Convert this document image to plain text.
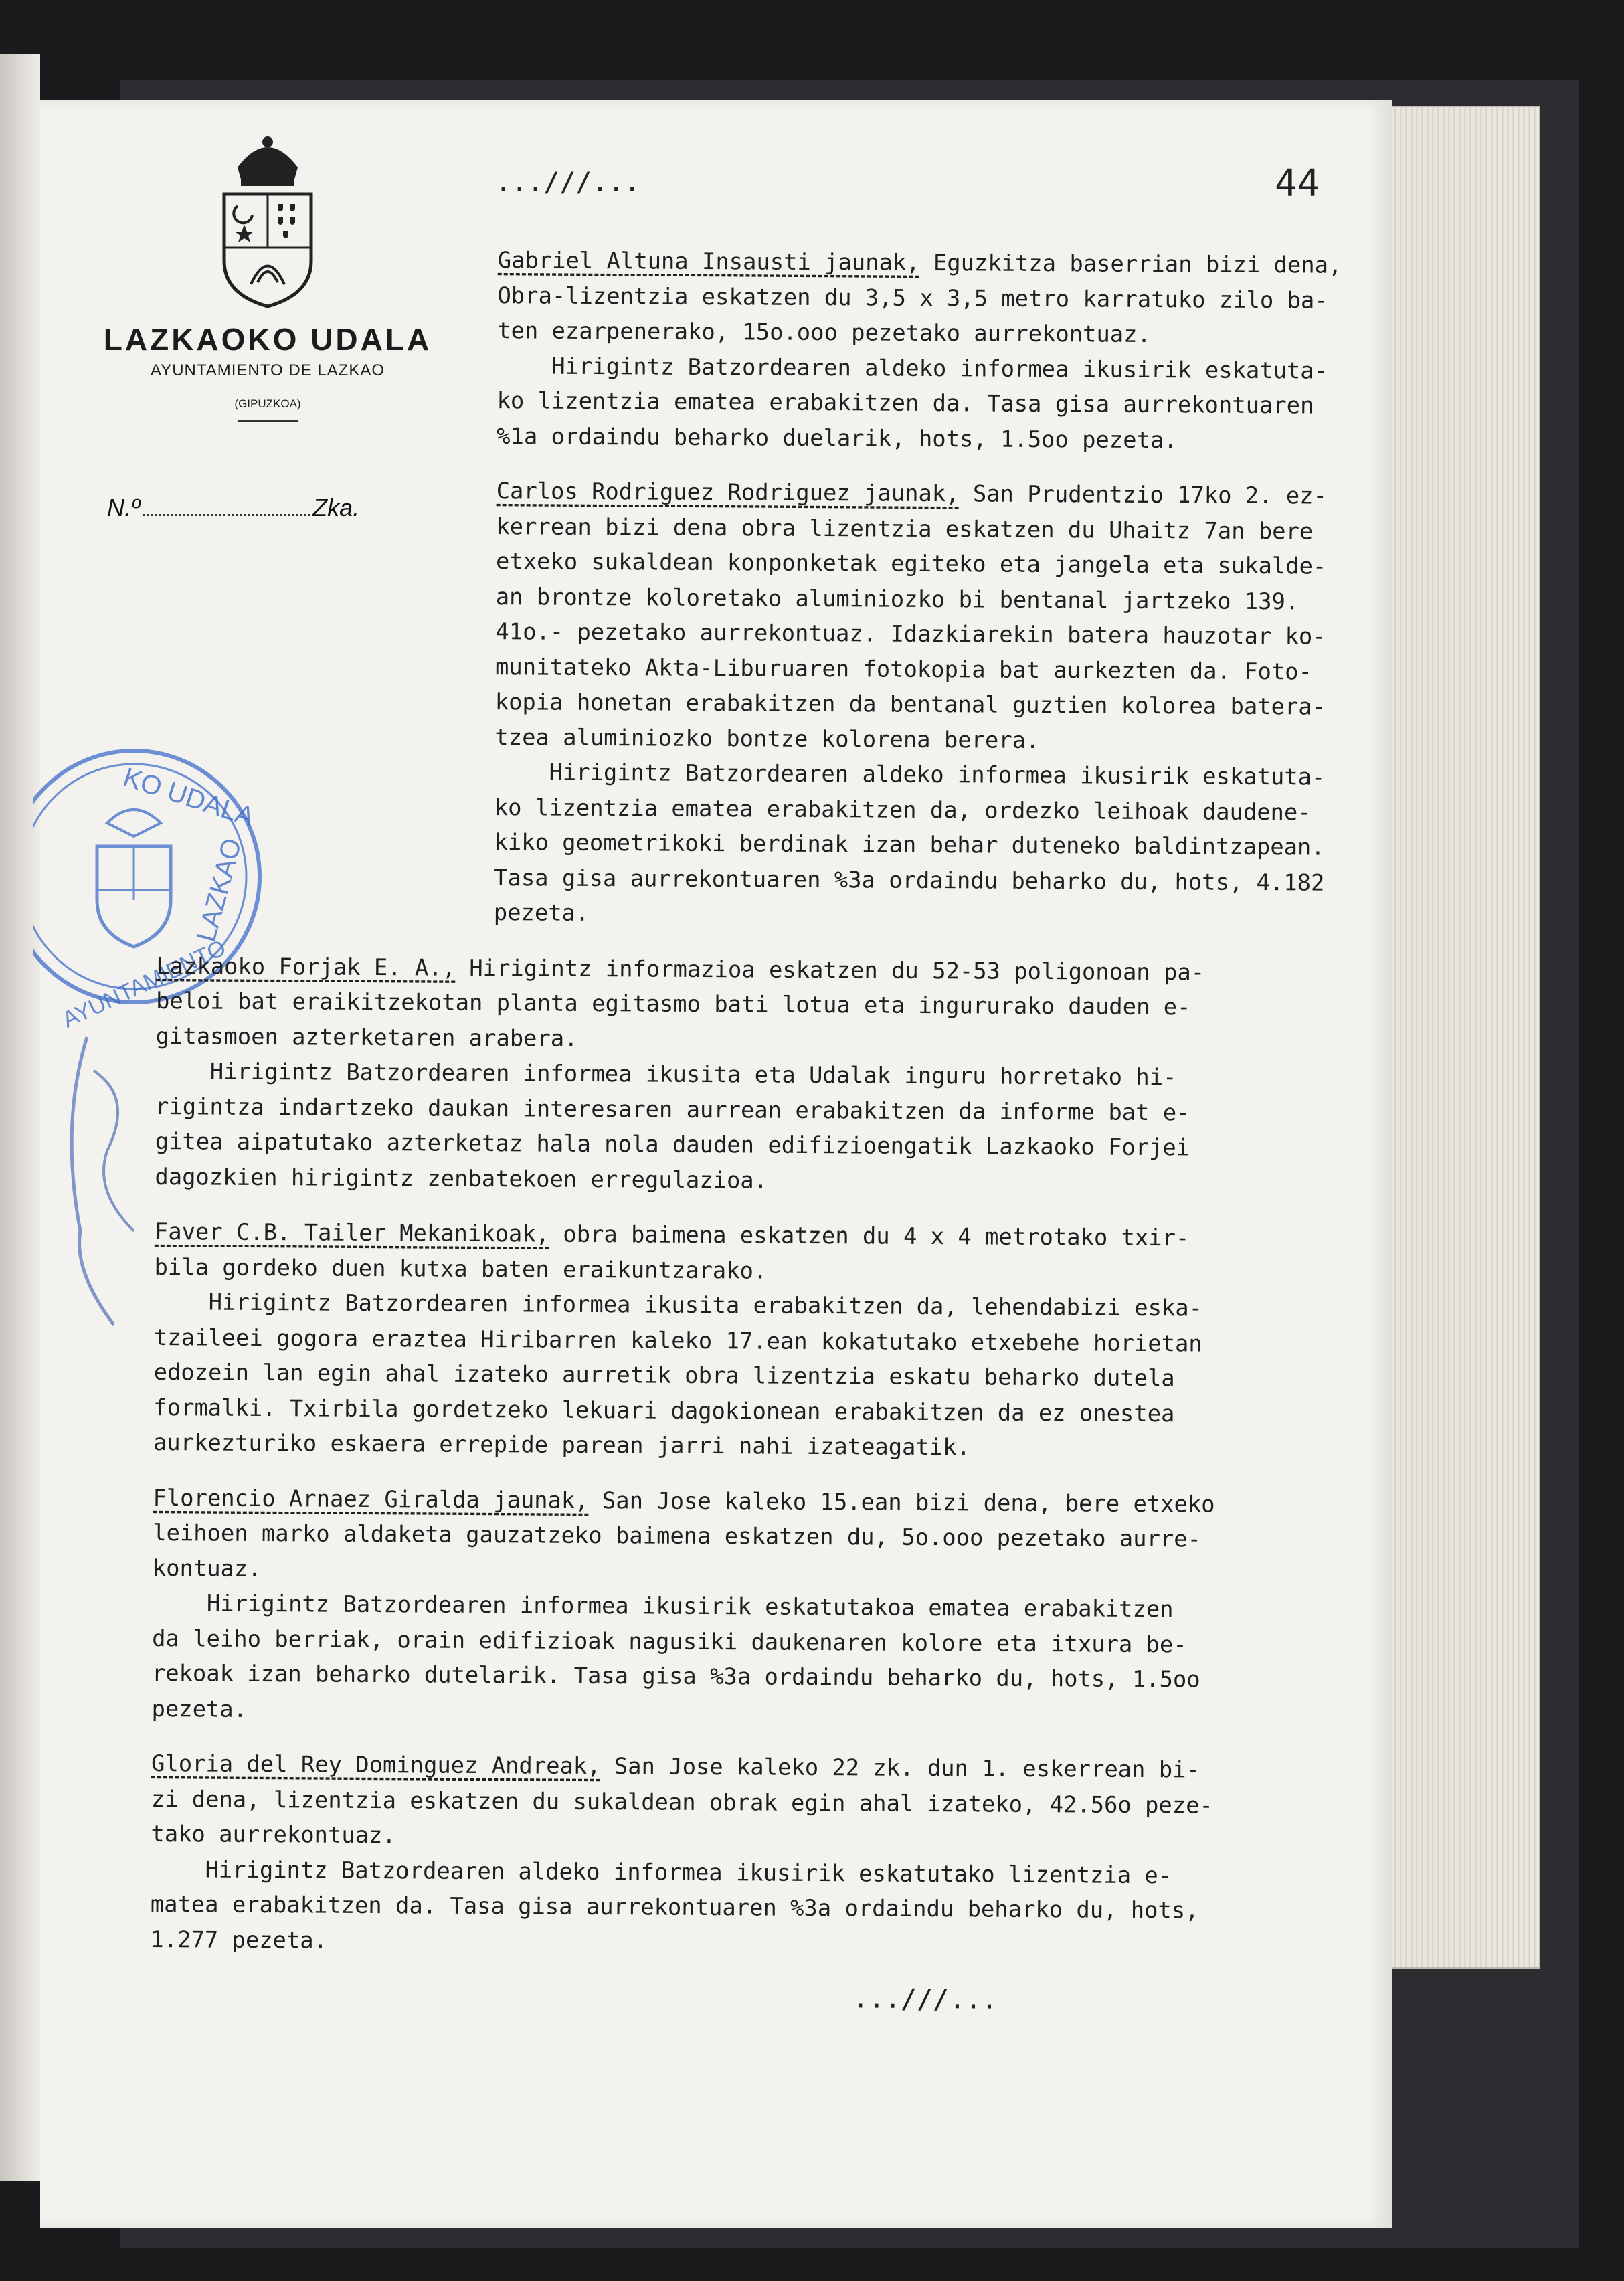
LAZKAOKO UDALA
AYUNTAMIENTO DE LAZKAO
(GIPUZKOA)
N.º	Zka.
KO UDALA
LAZKAO
AYUNTAMIENTO
...///...	44
Gabriel Altuna Insausti jaunak, Eguzkitza baserrian bizi dena,
Obra-lizentzia eskatzen du 3,5 x 3,5 metro karratuko zilo ba-
ten ezarpenerako, 15o.ooo pezetako aurrekontuaz.
Hirigintz Batzordearen aldeko informea ikusirik eskatuta-
ko lizentzia ematea erabakitzen da. Tasa gisa aurrekontuaren
%1a ordaindu beharko duelarik, hots, 1.5oo pezeta.
Carlos Rodriguez Rodriguez jaunak, San Prudentzio 17ko 2. ez-
kerrean bizi dena obra lizentzia eskatzen du Uhaitz 7an bere
etxeko sukaldean konponketak egiteko eta jangela eta sukalde-
an brontze koloretako aluminiozko bi bentanal jartzeko 139.
41o.- pezetako aurrekontuaz. Idazkiarekin batera hauzotar ko-
munitateko Akta-Liburuaren fotokopia bat aurkezten da. Foto-
kopia honetan erabakitzen da bentanal guztien kolorea batera-
tzea aluminiozko bontze kolorena berera.
Hirigintz Batzordearen aldeko informea ikusirik eskatuta-
ko lizentzia ematea erabakitzen da, ordezko leihoak daudene-
kiko geometrikoki berdinak izan behar duteneko baldintzapean.
Tasa gisa aurrekontuaren %3a ordaindu beharko du, hots, 4.182
pezeta.
Lazkaoko Forjak E. A., Hirigintz informazioa eskatzen du 52-53 poligonoan pa-
beloi bat eraikitzekotan planta egitasmo bati lotua eta ingururako dauden e-
gitasmoen azterketaren arabera.
Hirigintz Batzordearen informea ikusita eta Udalak inguru horretako hi-
rigintza indartzeko daukan interesaren aurrean erabakitzen da informe bat e-
gitea aipatutako azterketaz hala nola dauden edifizioengatik Lazkaoko Forjei
dagozkien hirigintz zenbatekoen erregulazioa.
Faver C.B. Tailer Mekanikoak, obra baimena eskatzen du 4 x 4 metrotako txir-
bila gordeko duen kutxa baten eraikuntzarako.
Hirigintz Batzordearen informea ikusita erabakitzen da, lehendabizi eska-
tzaileei gogora eraztea Hiribarren kaleko 17.ean kokatutako etxebehe horietan
edozein lan egin ahal izateko aurretik obra lizentzia eskatu beharko dutela
formalki. Txirbila gordetzeko lekuari dagokionean erabakitzen da ez onestea
aurkezturiko eskaera errepide parean jarri nahi izateagatik.
Florencio Arnaez Giralda jaunak, San Jose kaleko 15.ean bizi dena, bere etxeko
leihoen marko aldaketa gauzatzeko baimena eskatzen du, 5o.ooo pezetako aurre-
kontuaz.
Hirigintz Batzordearen informea ikusirik eskatutakoa ematea erabakitzen
da leiho berriak, orain edifizioak nagusiki daukenaren kolore eta itxura be-
rekoak izan beharko dutelarik. Tasa gisa %3a ordaindu beharko du, hots, 1.5oo
pezeta.
Gloria del Rey Dominguez Andreak, San Jose kaleko 22 zk. dun 1. eskerrean bi-
zi dena, lizentzia eskatzen du sukaldean obrak egin ahal izateko, 42.56o peze-
tako aurrekontuaz.
Hirigintz Batzordearen aldeko informea ikusirik eskatutako lizentzia e-
matea erabakitzen da. Tasa gisa aurrekontuaren %3a ordaindu beharko du, hots,
1.277 pezeta.
...///...
